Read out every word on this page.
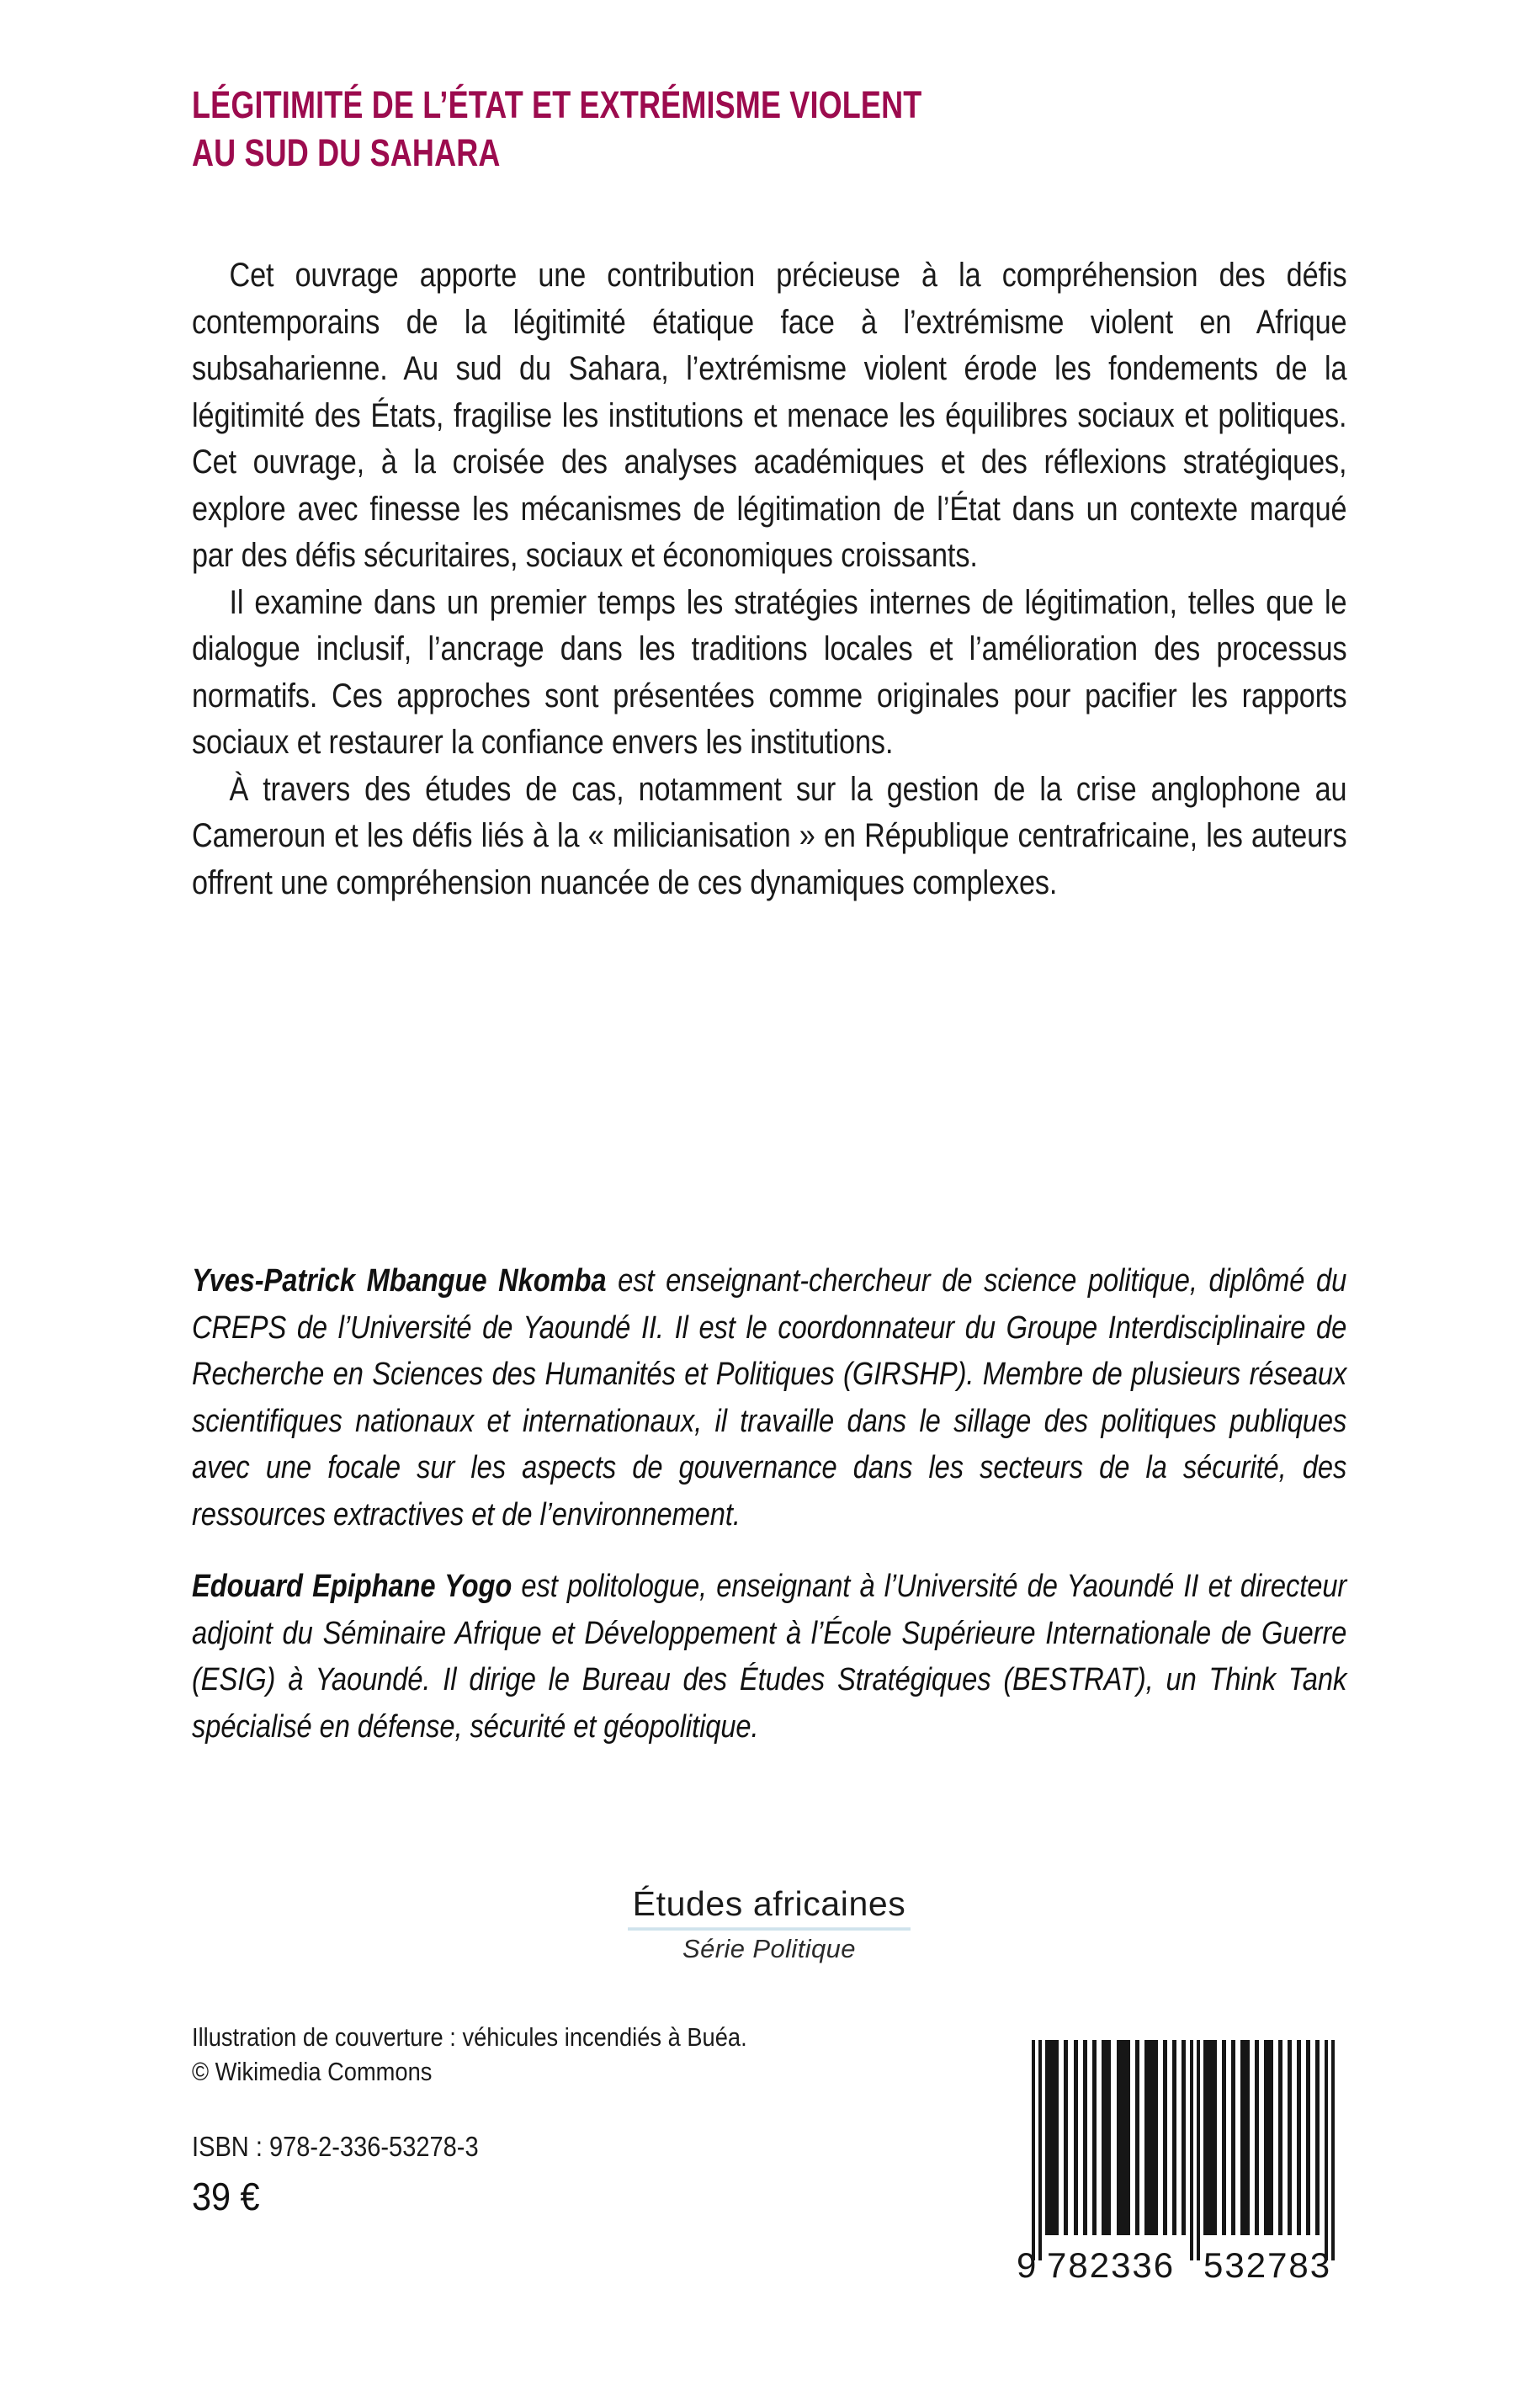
LÉGITIMITÉ DE L’ÉTAT ET EXTRÉMISME VIOLENT
AU SUD DU SAHARA

Cet ouvrage apporte une contribution précieuse à la compréhension des défis contemporains de la légitimité étatique face à l’extrémisme violent en Afrique subsaharienne. Au sud du Sahara, l’extrémisme violent érode les fondements de la légitimité des États, fragilise les institutions et menace les équilibres sociaux et politiques. Cet ouvrage, à la croisée des analyses académiques et des réflexions stratégiques, explore avec finesse les mécanismes de légitimation de l’État dans un contexte marqué par des défis sécuritaires, sociaux et économiques croissants.

Il examine dans un premier temps les stratégies internes de légitimation, telles que le dialogue inclusif, l’ancrage dans les traditions locales et l’amélioration des processus normatifs. Ces approches sont présentées comme originales pour pacifier les rapports sociaux et restaurer la confiance envers les institutions.

À travers des études de cas, notamment sur la gestion de la crise anglophone au Cameroun et les défis liés à la « milicianisation » en République centrafricaine, les auteurs offrent une compréhension nuancée de ces dynamiques complexes.

Yves-Patrick Mbangue Nkomba est enseignant-chercheur de science politique, diplômé du CREPS de l’Université de Yaoundé II. Il est le coordonnateur du Groupe Interdisciplinaire de Recherche en Sciences des Humanités et Politiques (GIRSHP). Membre de plusieurs réseaux scientifiques nationaux et internationaux, il travaille dans le sillage des politiques publiques avec une focale sur les aspects de gouvernance dans les secteurs de la sécurité, des ressources extractives et de l’environnement.

Edouard Epiphane Yogo est politologue, enseignant à l’Université de Yaoundé II et directeur adjoint du Séminaire Afrique et Développement à l’École Supérieure Internationale de Guerre (ESIG) à Yaoundé. Il dirige le Bureau des Études Stratégiques (BESTRAT), un Think Tank spécialisé en défense, sécurité et géopolitique.

Études africaines
Série Politique
Illustration de couverture : véhicules incendiés à Buéa.
© Wikimedia Commons
ISBN : 978-2-336-53278-3
39 €
9 782336 532783
